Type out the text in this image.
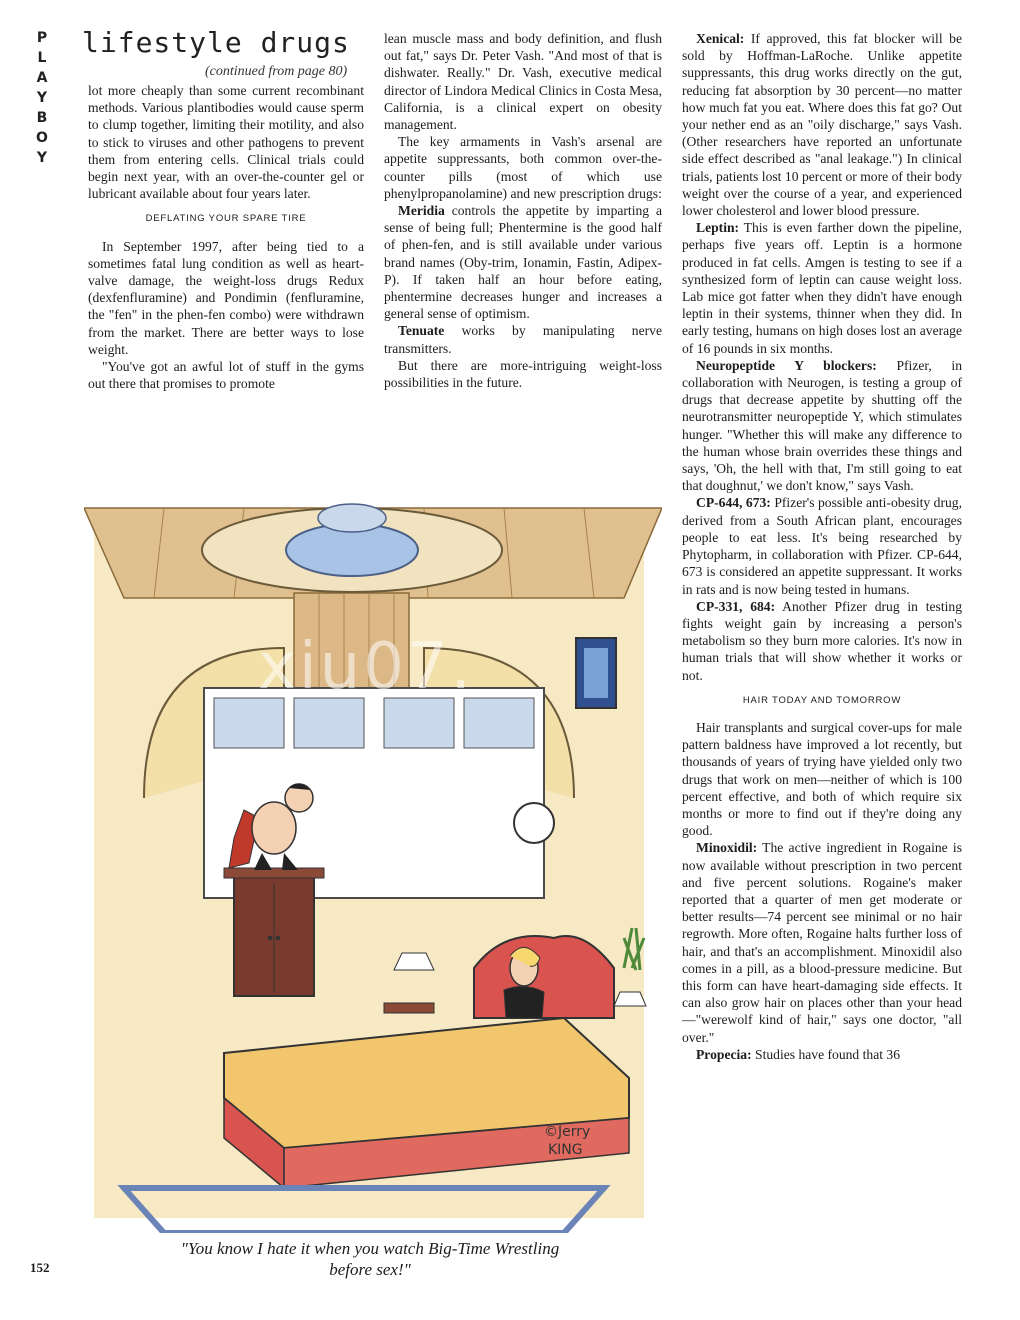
PLAYBOY lifestyle drugs
(continued from page 80)

lot more cheaply than some current recombinant methods. Various plantibodies would cause sperm to clump together, limiting their motility, and also to stick to viruses and other pathogens to prevent them from entering cells. Clinical trials could begin next year, with an over-the-counter gel or lubricant available about four years later.

DEFLATING YOUR SPARE TIRE

In September 1997, after being tied to a sometimes fatal lung condition as well as heart-valve damage, the weight-loss drugs Redux (dexfenfluramine) and Pondimin (fenfluramine, the "fen" in the phen-fen combo) were withdrawn from the market. There are better ways to lose weight.

"You've got an awful lot of stuff in the gyms out there that promises to promote

lean muscle mass and body definition, and flush out fat," says Dr. Peter Vash. "And most of that is dishwater. Really." Dr. Vash, executive medical director of Lindora Medical Clinics in Costa Mesa, California, is a clinical expert on obesity management.

The key armaments in Vash's arsenal are appetite suppressants, both common over-the-counter pills (most of which use phenylpropanolamine) and new prescription drugs:

Meridia controls the appetite by imparting a sense of being full; Phentermine is the good half of phen-fen, and is still available under various brand names (Oby-trim, Ionamin, Fastin, Adipex-P). If taken half an hour before eating, phentermine decreases hunger and increases a general sense of optimism.

Tenuate works by manipulating nerve transmitters.

But there are more-intriguing weight-loss possibilities in the future.

Xenical: If approved, this fat blocker will be sold by Hoffman-LaRoche. Unlike appetite suppressants, this drug works directly on the gut, reducing fat absorption by 30 percent—no matter how much fat you eat. Where does this fat go? Out your nether end as an "oily discharge," says Vash. (Other researchers have reported an unfortunate side effect described as "anal leakage.") In clinical trials, patients lost 10 percent or more of their body weight over the course of a year, and experienced lower cholesterol and lower blood pressure.

Leptin: This is even farther down the pipeline, perhaps five years off. Leptin is a hormone produced in fat cells. Amgen is testing to see if a synthesized form of leptin can cause weight loss. Lab mice got fatter when they didn't have enough leptin in their systems, thinner when they did. In early testing, humans on high doses lost an average of 16 pounds in six months.

Neuropeptide Y blockers: Pfizer, in collaboration with Neurogen, is testing a group of drugs that decrease appetite by shutting off the neurotransmitter neuropeptide Y, which stimulates hunger. "Whether this will make any difference to the human whose brain overrides these things and says, 'Oh, the hell with that, I'm still going to eat that doughnut,' we don't know," says Vash.

CP-644, 673: Pfizer's possible anti-obesity drug, derived from a South African plant, encourages people to eat less. It's being researched by Phytopharm, in collaboration with Pfizer. CP-644, 673 is considered an appetite suppressant. It works in rats and is now being tested in humans.

CP-331, 684: Another Pfizer drug in testing fights weight gain by increasing a person's metabolism so they burn more calories. It's now in human trials that will show whether it works or not.

HAIR TODAY AND TOMORROW

Hair transplants and surgical cover-ups for male pattern baldness have improved a lot recently, but thousands of years of trying have yielded only two drugs that work on men—neither of which is 100 percent effective, and both of which require six months or more to find out if they're doing any good.

Minoxidil: The active ingredient in Rogaine is now available without prescription in two percent and five percent solutions. Rogaine's maker reported that a quarter of men get moderate or better results—74 percent see minimal or no hair regrowth. More often, Rogaine halts further loss of hair, and that's an accomplishment. Minoxidil also comes in a pill, as a blood-pressure medicine. But this form can have heart-damaging side effects. It can also grow hair on places other than your head—"werewolf kind of hair," says one doctor, "all over."

Propecia: Studies have found that 36

©Jerry
KING
xiu07.
"You know I hate it when you watch Big-Time Wrestling before sex!"
152
